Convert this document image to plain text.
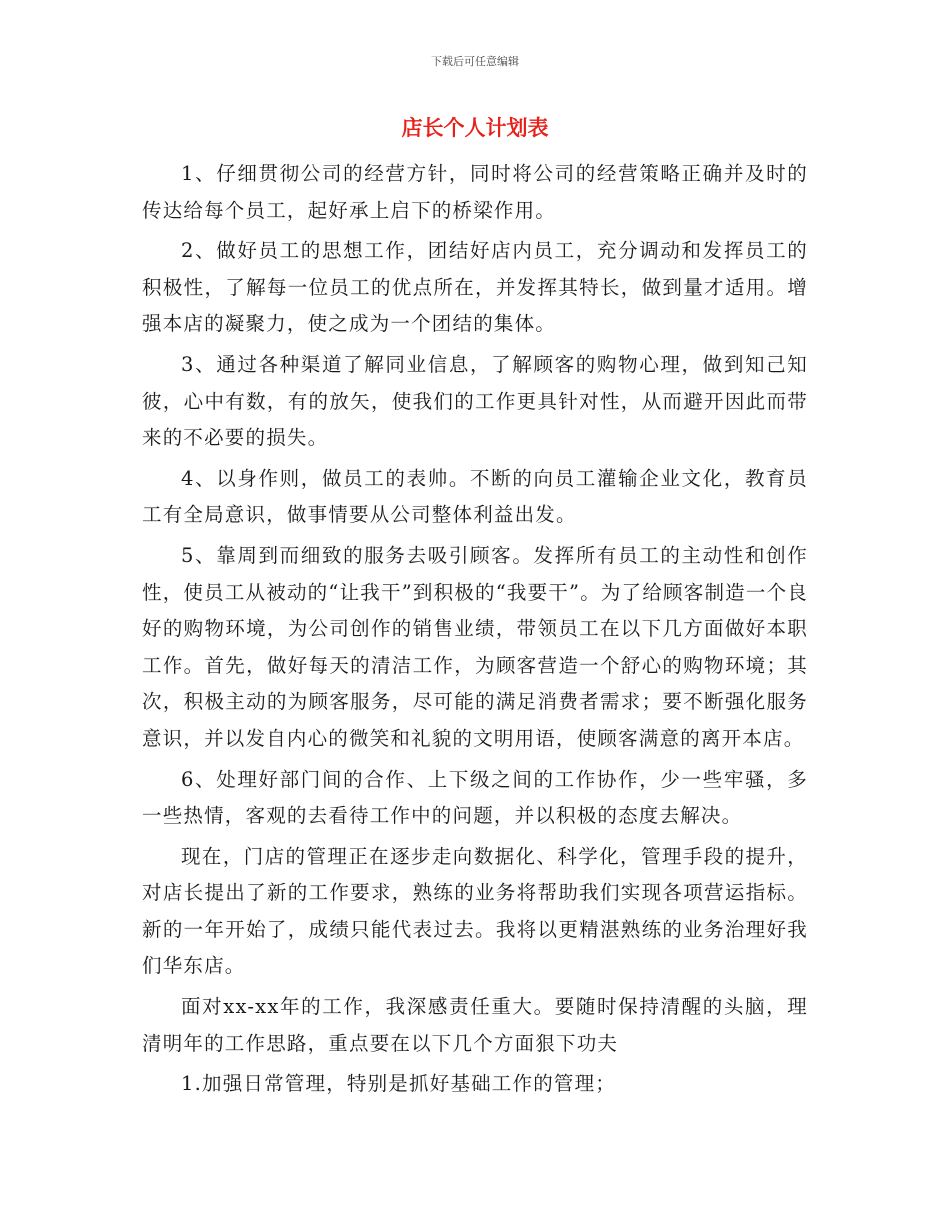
下载后可任意编辑
店长个人计划表

1、仔细贯彻公司的经营方针，同时将公司的经营策略正确并及时的传达给每个员工，起好承上启下的桥梁作用。

2、做好员工的思想工作，团结好店内员工，充分调动和发挥员工的积极性，了解每一位员工的优点所在，并发挥其特长，做到量才适用。增强本店的凝聚力，使之成为一个团结的集体。

3、通过各种渠道了解同业信息，了解顾客的购物心理，做到知己知彼，心中有数，有的放矢，使我们的工作更具针对性，从而避开因此而带来的不必要的损失。

4、以身作则，做员工的表帅。不断的向员工灌输企业文化，教育员工有全局意识，做事情要从公司整体利益出发。

5、靠周到而细致的服务去吸引顾客。发挥所有员工的主动性和创作性，使员工从被动的“让我干”到积极的“我要干”。为了给顾客制造一个良好的购物环境，为公司创作的销售业绩，带领员工在以下几方面做好本职工作。首先，做好每天的清洁工作，为顾客营造一个舒心的购物环境；其次，积极主动的为顾客服务，尽可能的满足消费者需求；要不断强化服务意识，并以发自内心的微笑和礼貌的文明用语，使顾客满意的离开本店。

6、处理好部门间的合作、上下级之间的工作协作，少一些牢骚，多一些热情，客观的去看待工作中的问题，并以积极的态度去解决。

现在，门店的管理正在逐步走向数据化、科学化，管理手段的提升，对店长提出了新的工作要求，熟练的业务将帮助我们实现各项营运指标。新的一年开始了，成绩只能代表过去。我将以更精湛熟练的业务治理好我们华东店。

面对xx-xx年的工作，我深感责任重大。要随时保持清醒的头脑，理清明年的工作思路，重点要在以下几个方面狠下功夫

1.加强日常管理，特别是抓好基础工作的管理；
